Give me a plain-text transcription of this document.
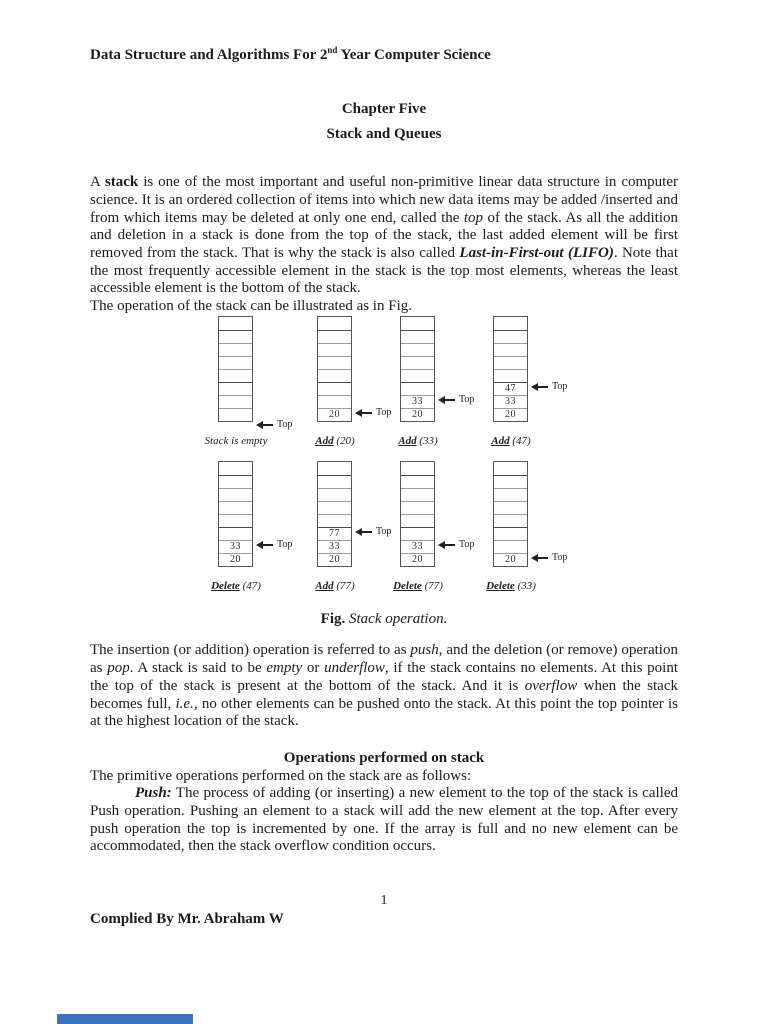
Data Structure and Algorithms For 2nd Year Computer Science

Chapter Five

Stack and Queues

A stack is one of the most important and useful non-primitive linear data structure in computer science. It is an ordered collection of items into which new data items may be added /inserted and from which items may be deleted at only one end, called the top of the stack. As all the addition and deletion in a stack is done from the top of the stack, the last added element will be first removed from the stack. That is why the stack is also called Last-in-First-out (LIFO). Note that the most frequently accessible element in the stack is the top most elements, whereas the least accessible element is the bottom of the stack.

The operation of the stack can be illustrated as in Fig.

Top
Stack is empty
20	Top
Add (20)
33
20
Top
Add (33)
47
33
20
Top
Add (47)
33
20
Top
Delete (47)
77
33
20
Top
Add (77)
33
20
Top
Delete (77)
20	Top
Delete (33)

Fig. Stack operation.

The insertion (or addition) operation is referred to as push, and the deletion (or remove) operation as pop. A stack is said to be empty or underflow, if the stack contains no elements. At this point the top of the stack is present at the bottom of the stack. And it is overflow when the stack becomes full, i.e., no other elements can be pushed onto the stack. At this point the top pointer is at the highest location of the stack.

Operations performed on stack

The primitive operations performed on the stack are as follows:

Push: The process of adding (or inserting) a new element to the top of the stack is called Push operation. Pushing an element to a stack will add the new element at the top. After every push operation the top is incremented by one. If the array is full and no new element can be accommodated, then the stack overflow condition occurs.

1

Complied By Mr. Abraham W
